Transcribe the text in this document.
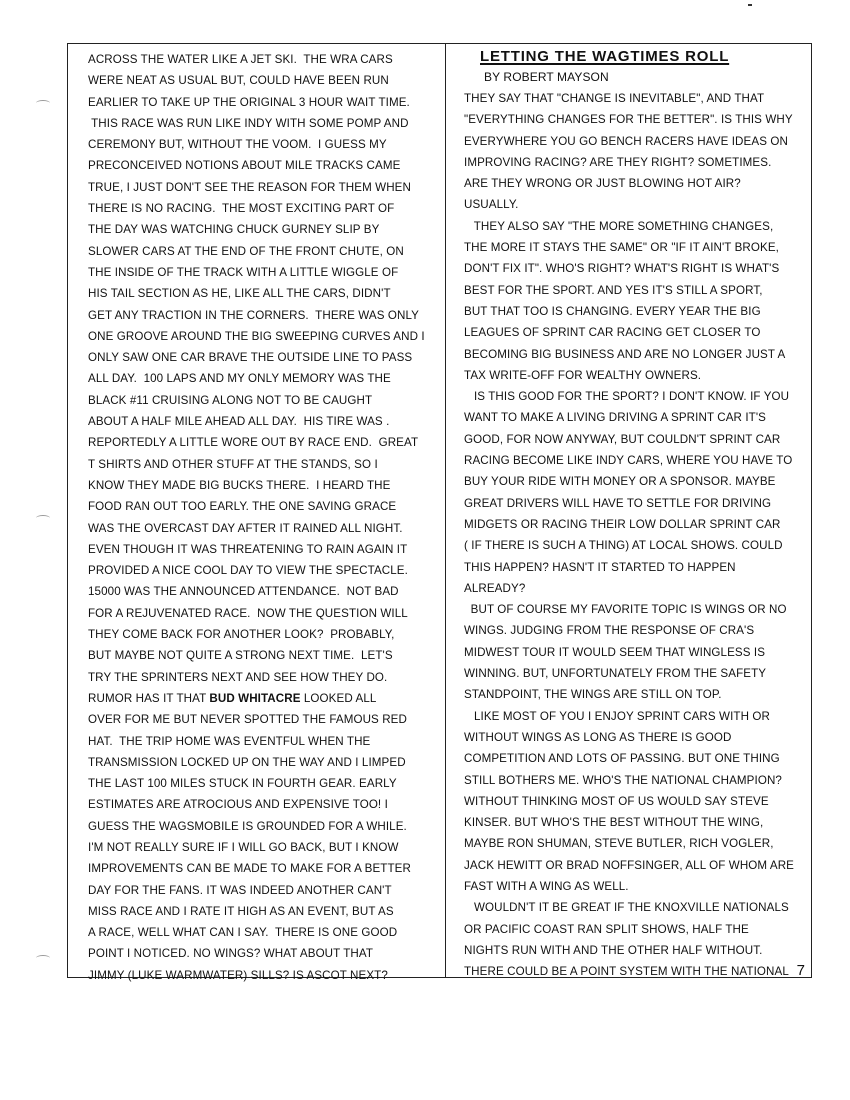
ACROSS THE WATER LIKE A JET SKI.  THE WRA CARS
WERE NEAT AS USUAL BUT, COULD HAVE BEEN RUN
EARLIER TO TAKE UP THE ORIGINAL 3 HOUR WAIT TIME.
THIS RACE WAS RUN LIKE INDY WITH SOME POMP AND
CEREMONY BUT, WITHOUT THE VOOM.  I GUESS MY
PRECONCEIVED NOTIONS ABOUT MILE TRACKS CAME
TRUE, I JUST DON'T SEE THE REASON FOR THEM WHEN
THERE IS NO RACING.  THE MOST EXCITING PART OF
THE DAY WAS WATCHING CHUCK GURNEY SLIP BY
SLOWER CARS AT THE END OF THE FRONT CHUTE, ON
THE INSIDE OF THE TRACK WITH A LITTLE WIGGLE OF
HIS TAIL SECTION AS HE, LIKE ALL THE CARS, DIDN'T
GET ANY TRACTION IN THE CORNERS.  THERE WAS ONLY
ONE GROOVE AROUND THE BIG SWEEPING CURVES AND I
ONLY SAW ONE CAR BRAVE THE OUTSIDE LINE TO PASS
ALL DAY.  100 LAPS AND MY ONLY MEMORY WAS THE
BLACK #11 CRUISING ALONG NOT TO BE CAUGHT
ABOUT A HALF MILE AHEAD ALL DAY.  HIS TIRE WAS .
REPORTEDLY A LITTLE WORE OUT BY RACE END.  GREAT
T SHIRTS AND OTHER STUFF AT THE STANDS, SO I
KNOW THEY MADE BIG BUCKS THERE.  I HEARD THE
FOOD RAN OUT TOO EARLY. THE ONE SAVING GRACE
WAS THE OVERCAST DAY AFTER IT RAINED ALL NIGHT.
EVEN THOUGH IT WAS THREATENING TO RAIN AGAIN IT
PROVIDED A NICE COOL DAY TO VIEW THE SPECTACLE.
15000 WAS THE ANNOUNCED ATTENDANCE.  NOT BAD
FOR A REJUVENATED RACE.  NOW THE QUESTION WILL
THEY COME BACK FOR ANOTHER LOOK?  PROBABLY,
BUT MAYBE NOT QUITE A STRONG NEXT TIME.  LET'S
TRY THE SPRINTERS NEXT AND SEE HOW THEY DO.
RUMOR HAS IT THAT BUD WHITACRE LOOKED ALL
OVER FOR ME BUT NEVER SPOTTED THE FAMOUS RED
HAT.  THE TRIP HOME WAS EVENTFUL WHEN THE
TRANSMISSION LOCKED UP ON THE WAY AND I LIMPED
THE LAST 100 MILES STUCK IN FOURTH GEAR. EARLY
ESTIMATES ARE ATROCIOUS AND EXPENSIVE TOO! I
GUESS THE WAGSMOBILE IS GROUNDED FOR A WHILE.
I'M NOT REALLY SURE IF I WILL GO BACK, BUT I KNOW
IMPROVEMENTS CAN BE MADE TO MAKE FOR A BETTER
DAY FOR THE FANS. IT WAS INDEED ANOTHER CAN'T
MISS RACE AND I RATE IT HIGH AS AN EVENT, BUT AS
A RACE, WELL WHAT CAN I SAY.  THERE IS ONE GOOD
POINT I NOTICED. NO WINGS? WHAT ABOUT THAT
JIMMY (LUKE WARMWATER) SILLS? IS ASCOT NEXT?
LETTING THE WAGTIMES ROLL
BY ROBERT MAYSON
THEY SAY THAT "CHANGE IS INEVITABLE", AND THAT
"EVERYTHING CHANGES FOR THE BETTER". IS THIS WHY
EVERYWHERE YOU GO BENCH RACERS HAVE IDEAS ON
IMPROVING RACING? ARE THEY RIGHT? SOMETIMES.
ARE THEY WRONG OR JUST BLOWING HOT AIR?
USUALLY.
THEY ALSO SAY "THE MORE SOMETHING CHANGES,
THE MORE IT STAYS THE SAME" OR "IF IT AIN'T BROKE,
DON'T FIX IT". WHO'S RIGHT? WHAT'S RIGHT IS WHAT'S
BEST FOR THE SPORT. AND YES IT'S STILL A SPORT,
BUT THAT TOO IS CHANGING. EVERY YEAR THE BIG
LEAGUES OF SPRINT CAR RACING GET CLOSER TO
BECOMING BIG BUSINESS AND ARE NO LONGER JUST A
TAX WRITE-OFF FOR WEALTHY OWNERS.
IS THIS GOOD FOR THE SPORT? I DON'T KNOW. IF YOU
WANT TO MAKE A LIVING DRIVING A SPRINT CAR IT'S
GOOD, FOR NOW ANYWAY, BUT COULDN'T SPRINT CAR
RACING BECOME LIKE INDY CARS, WHERE YOU HAVE TO
BUY YOUR RIDE WITH MONEY OR A SPONSOR. MAYBE
GREAT DRIVERS WILL HAVE TO SETTLE FOR DRIVING
MIDGETS OR RACING THEIR LOW DOLLAR SPRINT CAR
( IF THERE IS SUCH A THING) AT LOCAL SHOWS. COULD
THIS HAPPEN? HASN'T IT STARTED TO HAPPEN
ALREADY?
BUT OF COURSE MY FAVORITE TOPIC IS WINGS OR NO
WINGS. JUDGING FROM THE RESPONSE OF CRA'S
MIDWEST TOUR IT WOULD SEEM THAT WINGLESS IS
WINNING. BUT, UNFORTUNATELY FROM THE SAFETY
STANDPOINT, THE WINGS ARE STILL ON TOP.
LIKE MOST OF YOU I ENJOY SPRINT CARS WITH OR
WITHOUT WINGS AS LONG AS THERE IS GOOD
COMPETITION AND LOTS OF PASSING. BUT ONE THING
STILL BOTHERS ME. WHO'S THE NATIONAL CHAMPION?
WITHOUT THINKING MOST OF US WOULD SAY STEVE
KINSER. BUT WHO'S THE BEST WITHOUT THE WING,
MAYBE RON SHUMAN, STEVE BUTLER, RICH VOGLER,
JACK HEWITT OR BRAD NOFFSINGER, ALL OF WHOM ARE
FAST WITH A WING AS WELL.
WOULDN'T IT BE GREAT IF THE KNOXVILLE NATIONALS
OR PACIFIC COAST RAN SPLIT SHOWS, HALF THE
NIGHTS RUN WITH AND THE OTHER HALF WITHOUT.
THERE COULD BE A POINT SYSTEM WITH THE NATIONAL 7
